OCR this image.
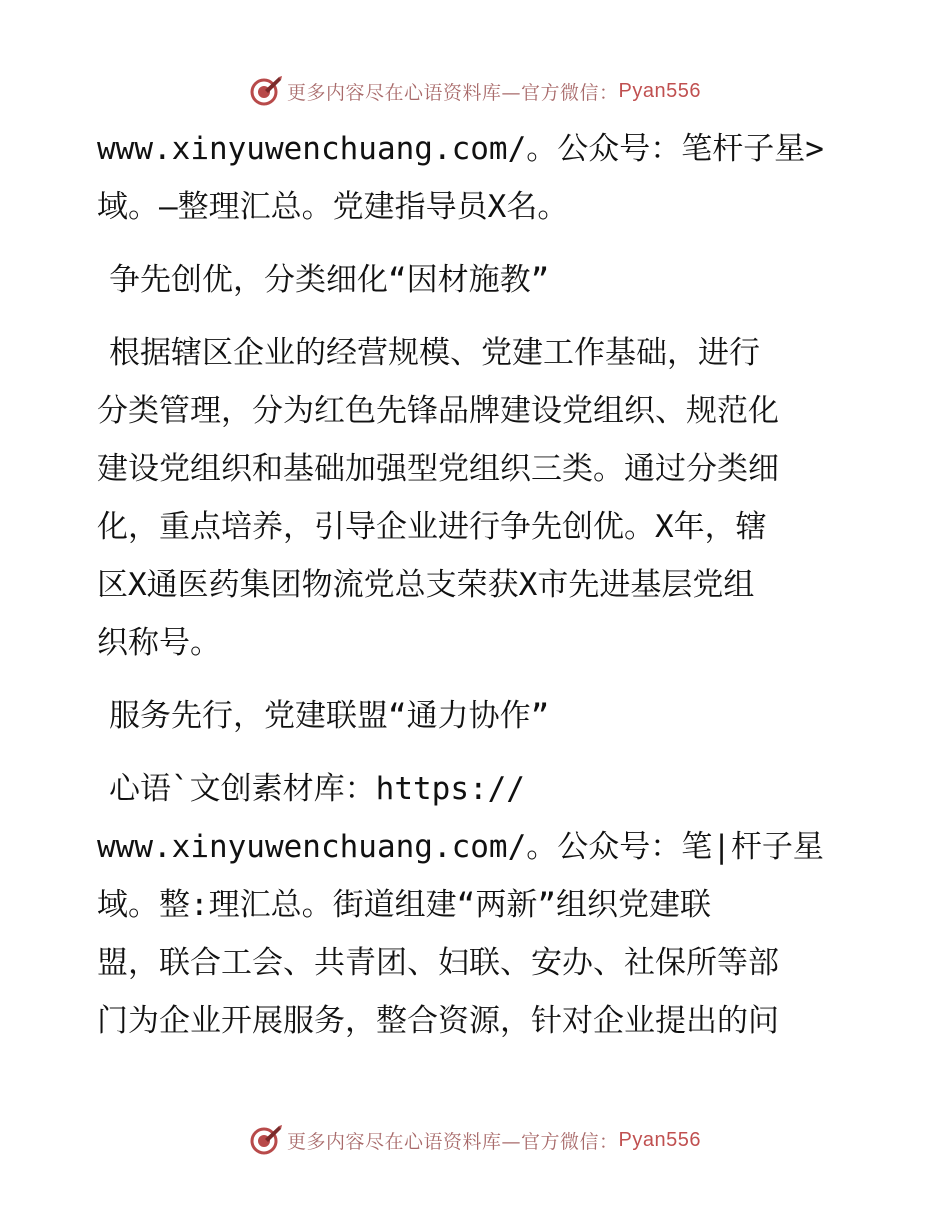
更多内容尽在心语资料库—官方微信： Pyan556
www.xinyuwenchuang.com/。公众号：笔杆子星>
域。—整理汇总。党建指导员X名。
争先创优，分类细化“因材施教”
根据辖区企业的经营规模、党建工作基础，进行
分类管理，分为红色先锋品牌建设党组织、规范化
建设党组织和基础加强型党组织三类。通过分类细
化，重点培养，引导企业进行争先创优。X年，辖
区X通医药集团物流党总支荣获X市先进基层党组
织称号。
服务先行，党建联盟“通力协作”
心语`文创素材库：https://
www.xinyuwenchuang.com/。公众号：笔|杆子星
域。整:理汇总。街道组建“两新”组织党建联
盟，联合工会、共青团、妇联、安办、社保所等部
门为企业开展服务，整合资源，针对企业提出的问
更多内容尽在心语资料库—官方微信： Pyan556
